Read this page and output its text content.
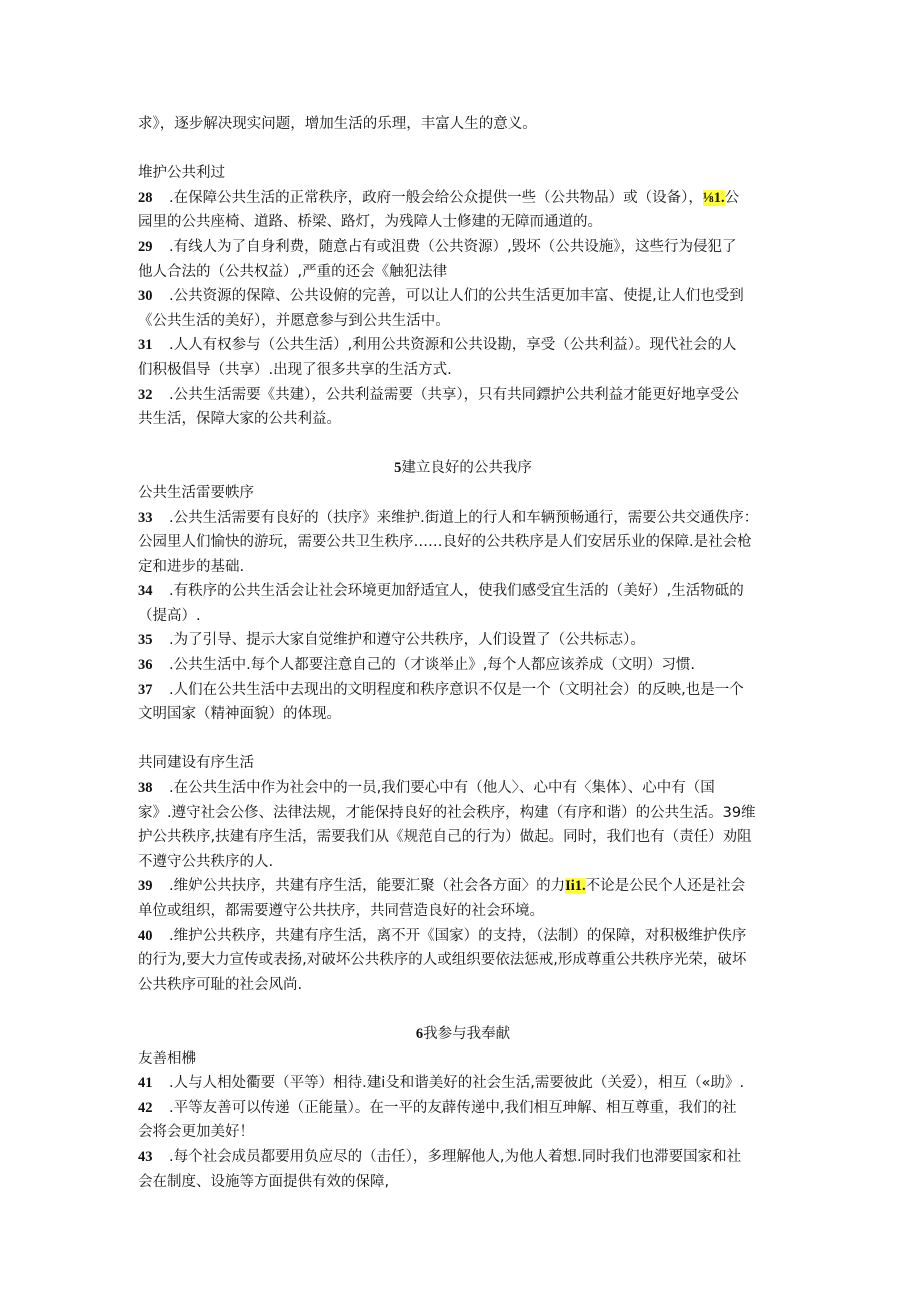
求》，逐步解决现实问题，增加生活的乐理，丰富人生的意义。

堆护公共利过

28 .在保障公共生活的正常秩序，政府一般会给公众提供一些（公共物品）或（设备），⅛1.公

园里的公共座椅、道路、桥梁、路灯，为残障人士修建的无障而通道的。

29 .有线人为了自身利费，随意占有或沮费（公共资源）,毁坏（公共设施》，这些行为侵犯了

他人合法的（公共权益）,严重的还会《触犯法律

30 .公共资源的保障、公共设俯的完善，可以让人们的公共生活更加丰富、使提,让人们也受到

《公共生活的美好），并愿意参与到公共生活中。

31 .人人有权参与（公共生活）,利用公共资源和公共设勘，享受（公共利益）。现代社会的人

们积极倡导（共享）.出现了很多共享的生活方式.

32 .公共生活需要《共建），公共利益需要（共享），只有共同鏢护公共利益才能更好地享受公

共生活，保障大家的公共利益。

5建立良好的公共我序

公共生活雷要帙序

33 .公共生活需要有良好的（扶序》来维护.街道上的行人和车辆预畅通行，需要公共交通佚序：

公园里人们愉快的游玩，需要公共卫生秩序……良好的公共秩序是人们安居乐业的保障.是社会枪

定和进步的基础.

34 .有秩序的公共生活会让社会环境更加舒适宜人，使我们感受宜生活的（美好）,生活物砥的

（提高）.

35 .为了引导、提示大家自觉维护和遵守公共秩序，人们设置了（公共标志）。

36 .公共生活中.每个人都要注意自己的（才谈举止》,每个人都应该养成（文明）习惯.

37 .人们在公共生活中去现出的文明程度和秩序意识不仅是一个（文明社会）的反映,也是一个

文明国家（精神面貌）的体现。

共同建设有序生活

38 .在公共生活中作为社会中的一员,我们要心中有（他人〉、心中有〈集体）、心中有（国

家》.遵守社会公俢、法律法规，才能保持良好的社会秩序，构建（有序和谐）的公共生活。39维

护公共秩序,扶建有序生活，需要我们从《规范自己的行为）做起。同时，我们也有（责任）劝阻

不遵守公共秩序的人.

39 .维妒公共扶序，共建有序生活，能要汇聚（社会各方面〉的力Ii1.不论是公民个人还是社会

单位或组织，都需要遵守公共扶序，共同营造良好的社会环境。

40 .维护公共秩序，共建有序生活，离不开《国家）的支持，（法制）的保障，对积极维护佚序

的行为,要大力宣传或表扬,对破坏公共秩序的人或组织要依法惩戒,形成尊重公共秩序光荣，破坏

公共秩序可耻的社会风尚.

6我参与我奉献

友善相梻

41 .人与人相处衢要（平等）相待.建i殳和谐美好的社会生活,需要彼此（关爱），相互（«助》.

42 .平等友善可以传递（正能量）。在一平的友薜传递中,我们相互珅解、相互尊重，我们的社

会将会更加美好！

43 .每个社会成员都要用负应尽的（击任），多理解他人,为他人着想.同时我们也滞要国家和社

会在制度、设施等方面提供有效的保障,
